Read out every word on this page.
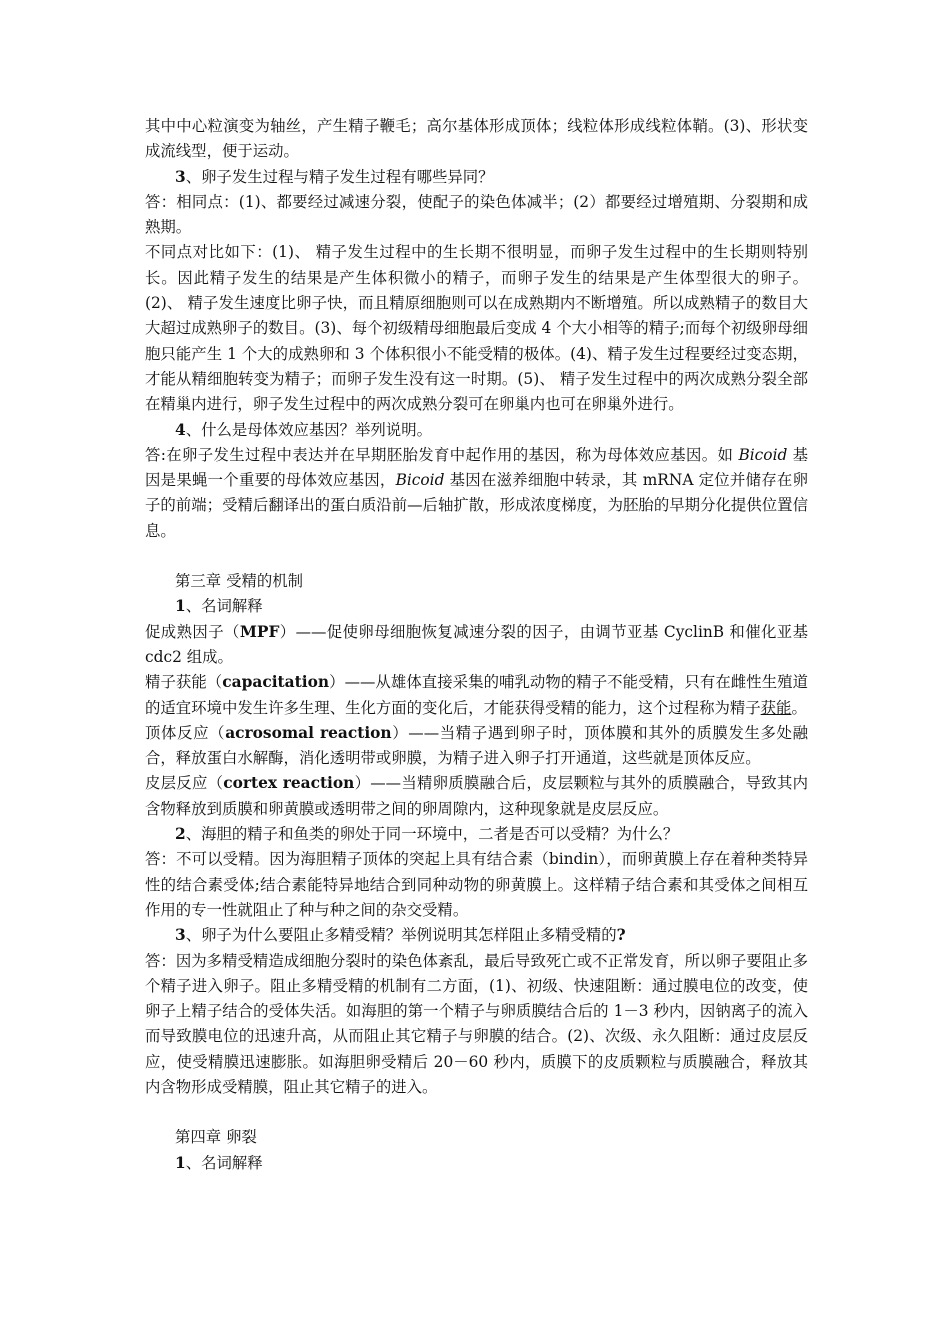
其中中心粒演变为轴丝，产生精子鞭毛；高尔基体形成顶体；线粒体形成线粒体鞘。(3)、形状变成流线型，便于运动。

3、卵子发生过程与精子发生过程有哪些异同？

答：相同点：(1)、都要经过减速分裂，使配子的染色体减半；(2）都要经过增殖期、分裂期和成熟期。

不同点对比如下：(1)、 精子发生过程中的生长期不很明显，而卵子发生过程中的生长期则特别长。因此精子发生的结果是产生体积微小的精子，而卵子发生的结果是产生体型很大的卵子。(2)、 精子发生速度比卵子快，而且精原细胞则可以在成熟期内不断增殖。所以成熟精子的数目大大超过成熟卵子的数目。(3)、每个初级精母细胞最后变成 4 个大小相等的精子;而每个初级卵母细胞只能产生 1 个大的成熟卵和 3 个体积很小不能受精的极体。(4)、精子发生过程要经过变态期，才能从精细胞转变为精子；而卵子发生没有这一时期。(5)、 精子发生过程中的两次成熟分裂全部在精巢内进行，卵子发生过程中的两次成熟分裂可在卵巢内也可在卵巢外进行。

4、什么是母体效应基因？举列说明。

答:在卵子发生过程中表达并在早期胚胎发育中起作用的基因，称为母体效应基因。如 Bicoid 基因是果蝇一个重要的母体效应基因，Bicoid 基因在滋养细胞中转录，其 mRNA 定位并储存在卵子的前端；受精后翻译出的蛋白质沿前—后轴扩散，形成浓度梯度，为胚胎的早期分化提供位置信息。

第三章 受精的机制

1、名词解释

促成熟因子（MPF）——促使卵母细胞恢复减速分裂的因子，由调节亚基 CyclinB 和催化亚基 cdc2 组成。

精子获能（capacitation）——从雄体直接采集的哺乳动物的精子不能受精，只有在雌性生殖道的适宜环境中发生许多生理、生化方面的变化后，才能获得受精的能力，这个过程称为精子获能。

顶体反应（acrosomal reaction）——当精子遇到卵子时，顶体膜和其外的质膜发生多处融合，释放蛋白水解酶，消化透明带或卵膜，为精子进入卵子打开通道，这些就是顶体反应。

皮层反应（cortex reaction）——当精卵质膜融合后，皮层颗粒与其外的质膜融合，导致其内含物释放到质膜和卵黄膜或透明带之间的卵周隙内，这种现象就是皮层反应。

2、海胆的精子和鱼类的卵处于同一环境中，二者是否可以受精？为什么？

答：不可以受精。因为海胆精子顶体的突起上具有结合素（bindin），而卵黄膜上存在着种类特异性的结合素受体;结合素能特异地结合到同种动物的卵黄膜上。这样精子结合素和其受体之间相互作用的专一性就阻止了种与种之间的杂交受精。

3、卵子为什么要阻止多精受精？举例说明其怎样阻止多精受精的?

答：因为多精受精造成细胞分裂时的染色体紊乱，最后导致死亡或不正常发育，所以卵子要阻止多个精子进入卵子。阻止多精受精的机制有二方面，(1)、初级、快速阻断：通过膜电位的改变，使卵子上精子结合的受体失活。如海胆的第一个精子与卵质膜结合后的 1－3 秒内，因钠离子的流入而导致膜电位的迅速升高，从而阻止其它精子与卵膜的结合。(2)、次级、永久阻断：通过皮层反应，使受精膜迅速膨胀。如海胆卵受精后 20－60 秒内，质膜下的皮质颗粒与质膜融合，释放其内含物形成受精膜，阻止其它精子的进入。

第四章 卵裂

1、名词解释
